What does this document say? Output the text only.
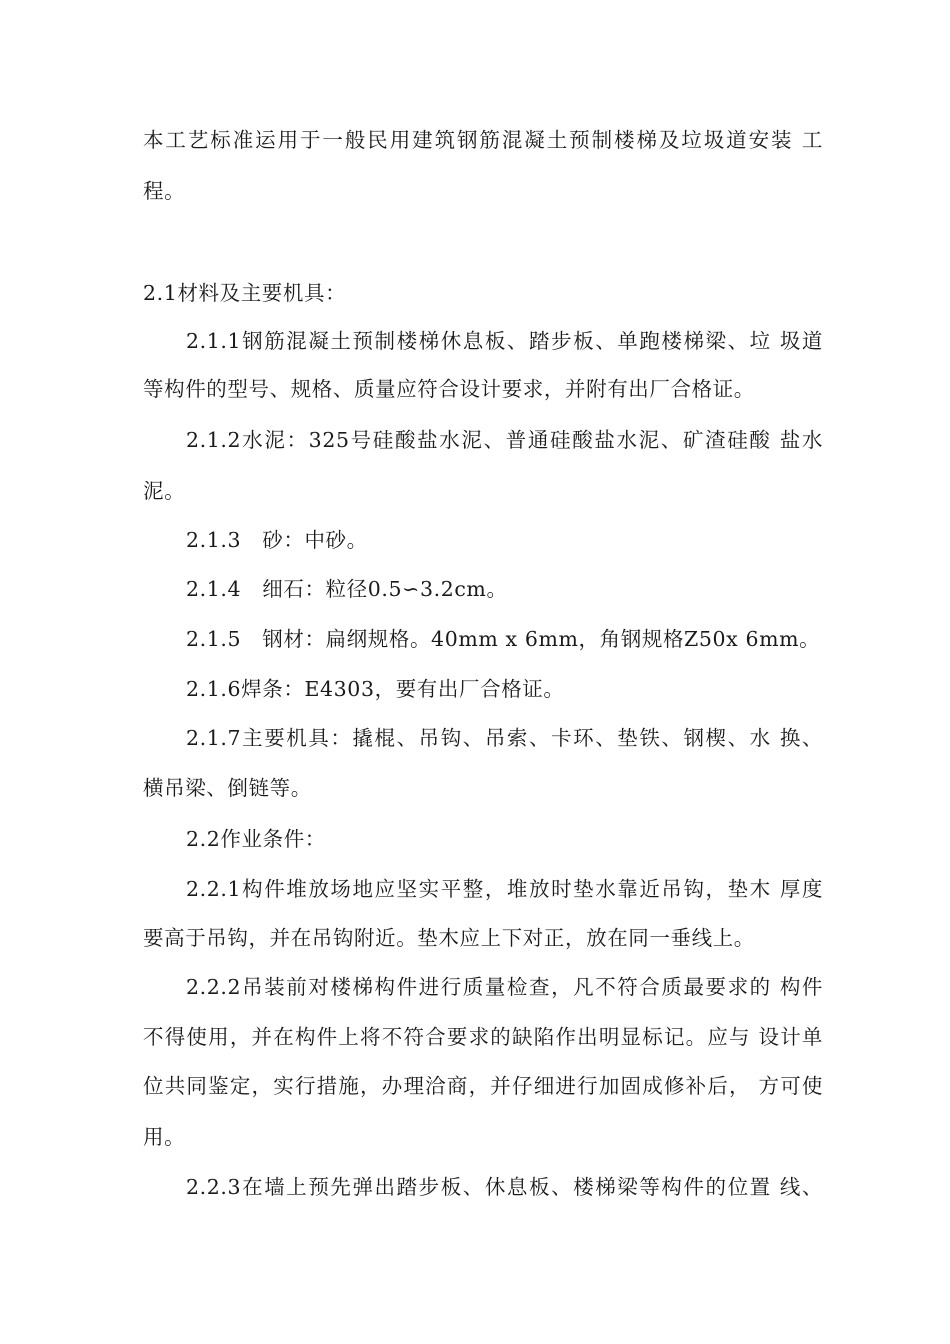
本工艺标准运用于一般民用建筑钢筋混凝土预制楼梯及垃圾道安装 工
程。
2.1材料及主要机具：
2.1.1钢筋混凝土预制楼梯休息板、踏步板、单跑楼梯梁、垃 圾道
等构件的型号、规格、质量应符合设计要求，并附有出厂合格证。
2.1.2水泥：325号硅酸盐水泥、普通硅酸盐水泥、矿渣硅酸 盐水
泥。
2.1.3　砂：中砂。
2.1.4　细石：粒径0.5∽3.2cm。
2.1.5　钢材：扁纲规格。40mm x 6mm，角钢规格Z50x 6mm。
2.1.6焊条：E4303，要有出厂合格证。
2.1.7主要机具：撬棍、吊钩、吊索、卡环、垫铁、钢楔、水 换、
横吊梁、倒链等。
2.2作业条件：
2.2.1构件堆放场地应坚实平整，堆放时垫水靠近吊钩，垫木 厚度
要高于吊钩，并在吊钩附近。垫木应上下对正，放在同一垂线上。
2.2.2吊装前对楼梯构件进行质量检查，凡不符合质最要求的 构件
不得使用，并在构件上将不符合要求的缺陷作出明显标记。应与 设计单
位共同鉴定，实行措施，办理洽商，并仔细进行加固成修补后， 方可使
用。
2.2.3在墙上预先弹出踏步板、休息板、楼梯梁等构件的位置 线、
